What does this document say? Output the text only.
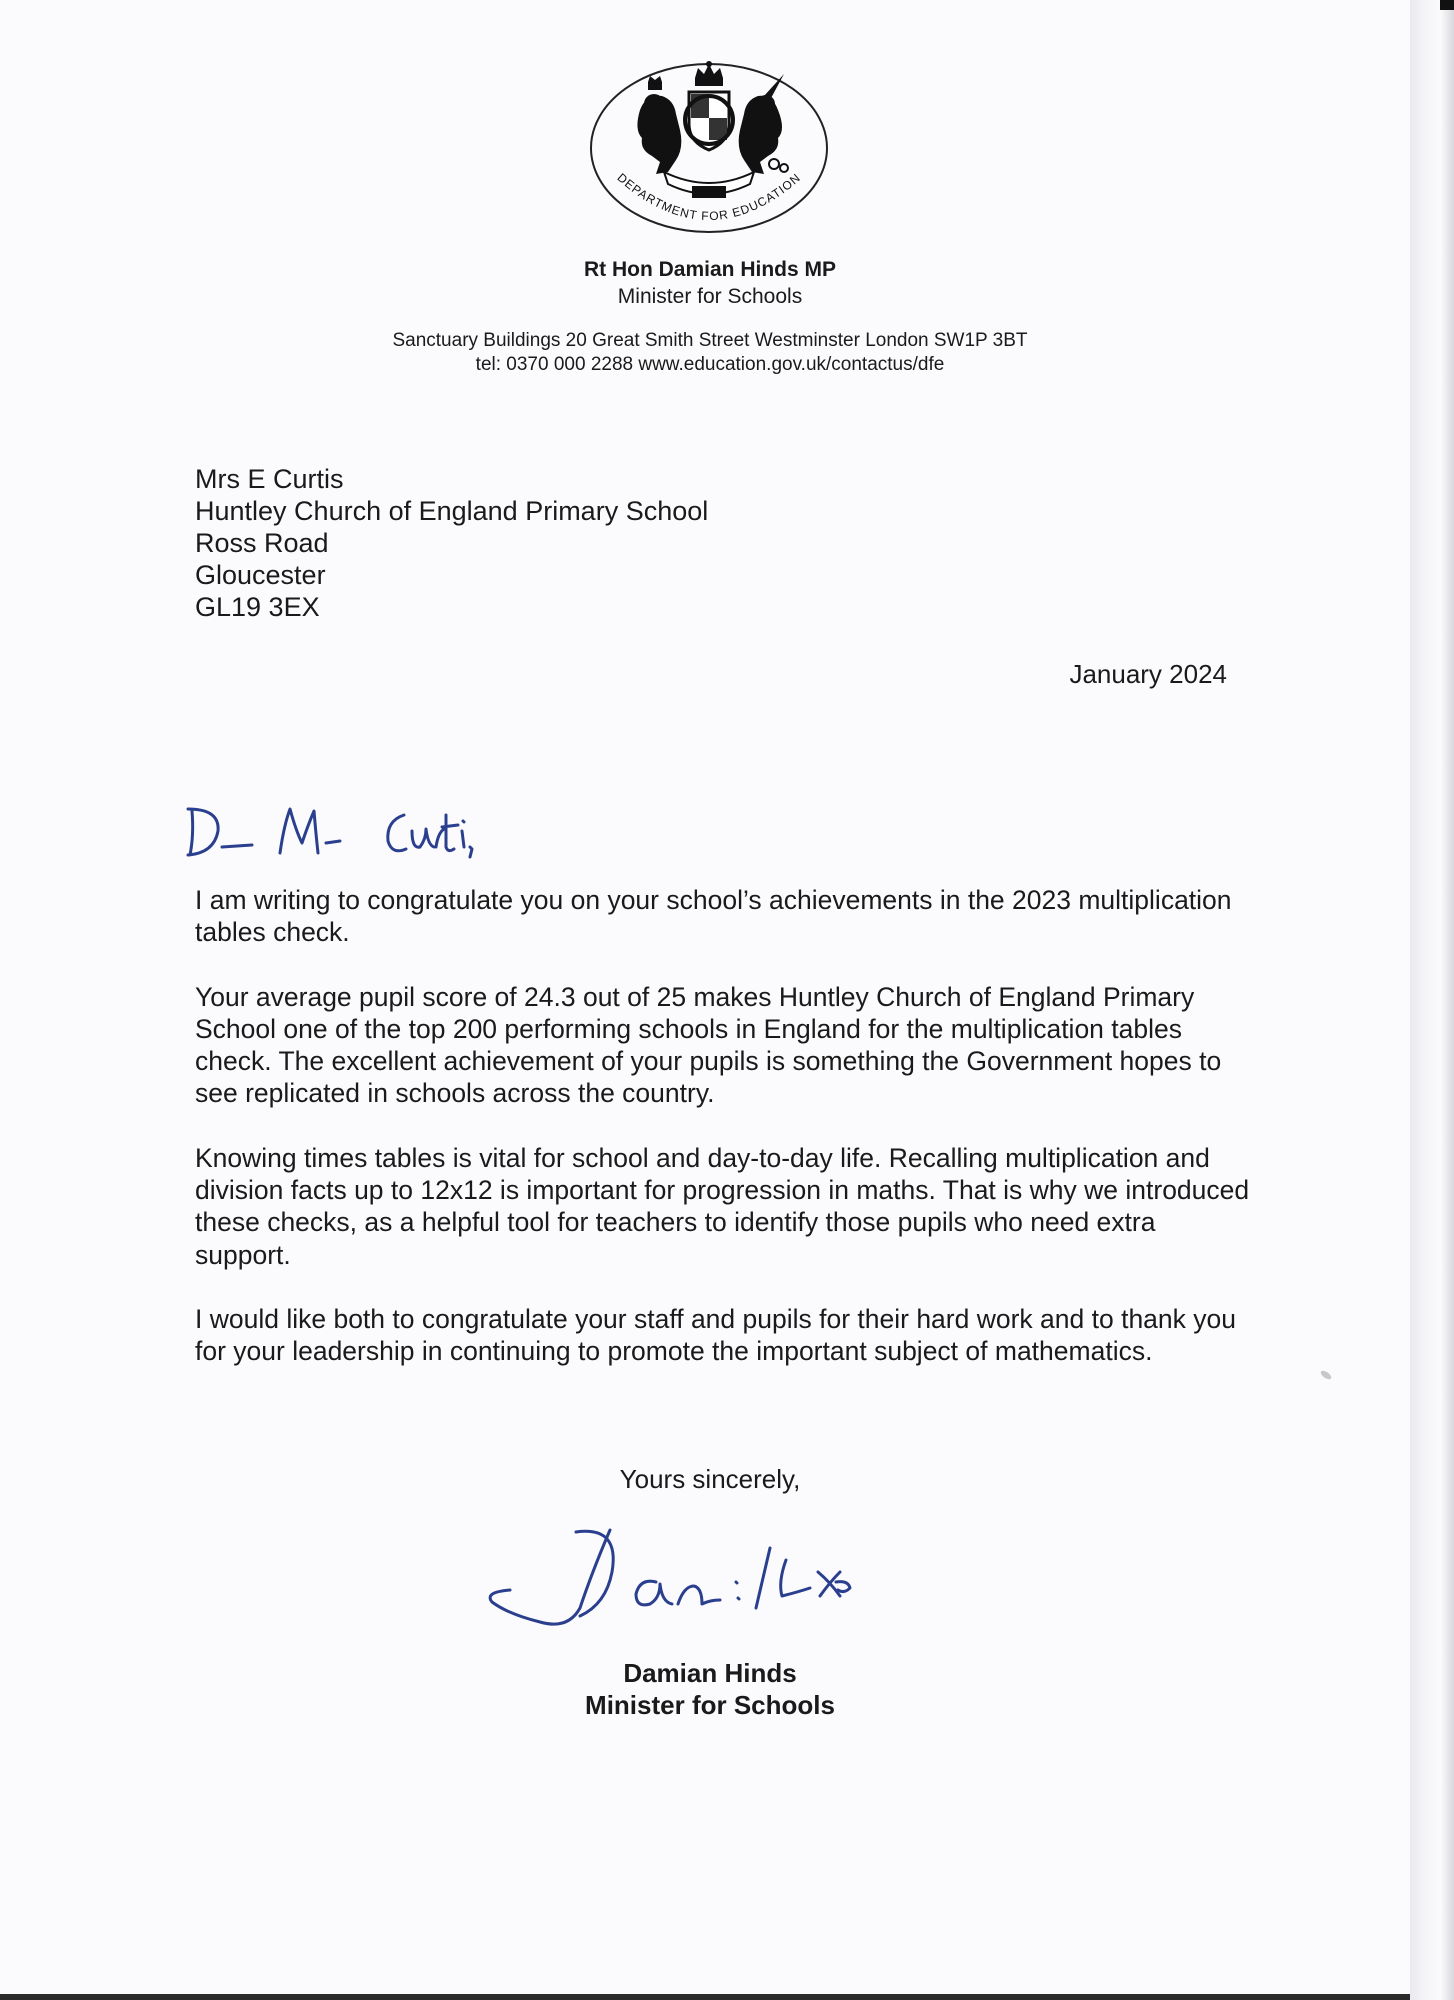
DEPARTMENT FOR EDUCATION
Rt Hon Damian Hinds MP
Minister for Schools
Sanctuary Buildings 20 Great Smith Street Westminster London SW1P 3BT
tel: 0370 000 2288 www.education.gov.uk/contactus/dfe
Mrs E Curtis
Huntley Church of England Primary School
Ross Road
Gloucester
GL19 3EX
January 2024

I am writing to congratulate you on your school’s achievements in the 2023 multiplication tables check.

Your average pupil score of 24.3 out of 25 makes Huntley Church of England Primary School one of the top 200 performing schools in England for the multiplication tables check. The excellent achievement of your pupils is something the Government hopes to see replicated in schools across the country.

Knowing times tables is vital for school and day-to-day life. Recalling multiplication and division facts up to 12x12 is important for progression in maths. That is why we introduced these checks, as a helpful tool for teachers to identify those pupils who need extra support.

I would like both to congratulate your staff and pupils for their hard work and to thank you for your leadership in continuing to promote the important subject of mathematics.

Yours sincerely,
Damian Hinds
Minister for Schools
